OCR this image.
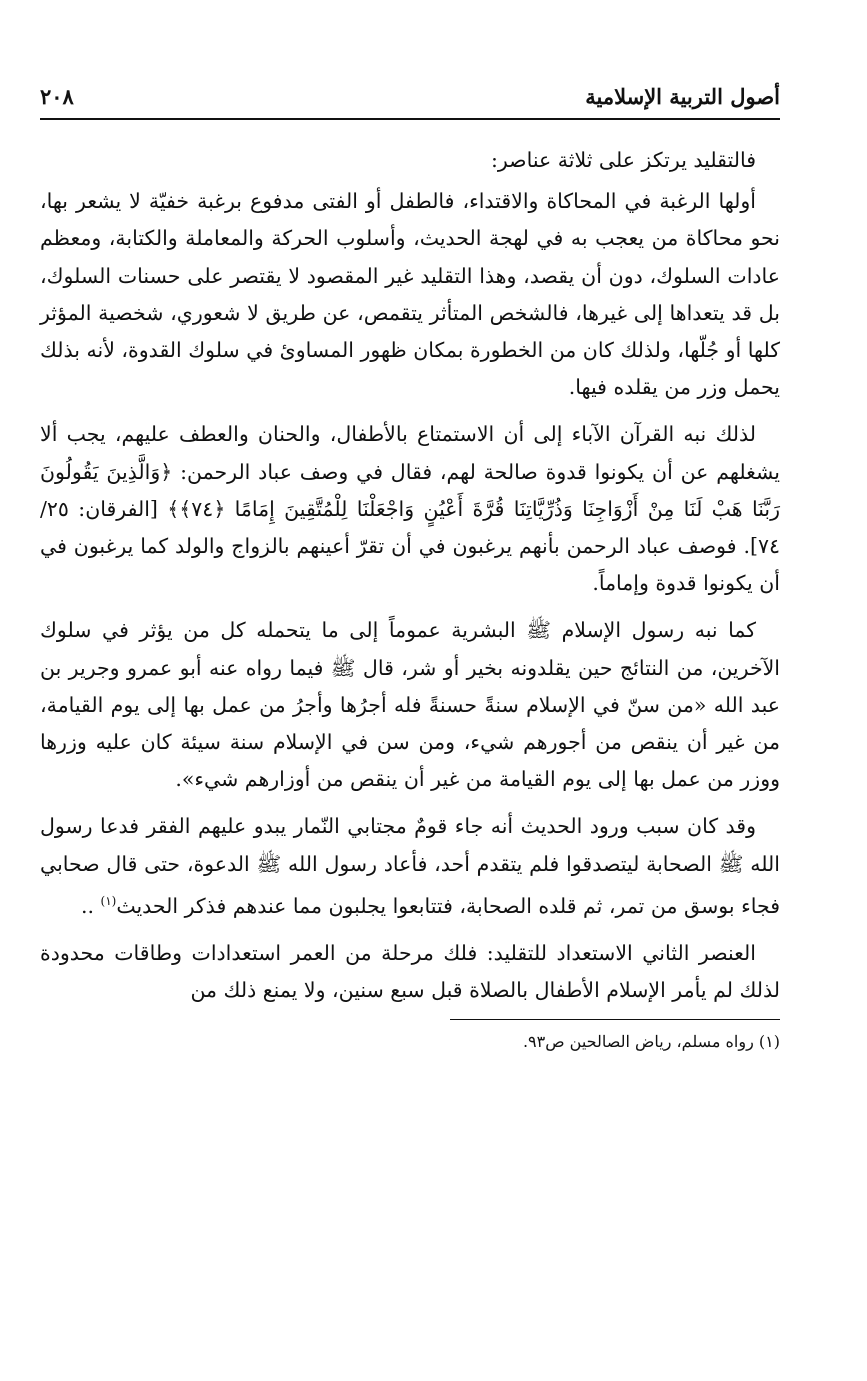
أصول التربية الإسلامية
٢٠٨

فالتقليد يرتكز على ثلاثة عناصر:

أولها الرغبة في المحاكاة والاقتداء، فالطفل أو الفتى مدفوع برغبة خفيّة لا يشعر بها، نحو محاكاة من يعجب به في لهجة الحديث، وأسلوب الحركة والمعاملة والكتابة، ومعظم عادات السلوك، دون أن يقصد، وهذا التقليد غير المقصود لا يقتصر على حسنات السلوك، بل قد يتعداها إلى غيرها، فالشخص المتأثر يتقمص، عن طريق لا شعوري، شخصية المؤثر كلها أو جُلّها، ولذلك كان من الخطورة بمكان ظهور المساوئ في سلوك القدوة، لأنه بذلك يحمل وزر من يقلده فيها.

لذلك نبه القرآن الآباء إلى أن الاستمتاع بالأطفال، والحنان والعطف عليهم، يجب ألا يشغلهم عن أن يكونوا قدوة صالحة لهم، فقال في وصف عباد الرحمن: ﴿وَالَّذِينَ يَقُولُونَ رَبَّنَا هَبْ لَنَا مِنْ أَزْوَاجِنَا وَذُرِّيَّاتِنَا قُرَّةَ أَعْيُنٍ وَاجْعَلْنَا لِلْمُتَّقِينَ إِمَامًا ﴿٧٤﴾﴾ [الفرقان: ٢٥/ ٧٤]. فوصف عباد الرحمن بأنهم يرغبون في أن تقرّ أعينهم بالزواج والولد كما يرغبون في أن يكونوا قدوة وإماماً.

كما نبه رسول الإسلام ﷺ البشرية عموماً إلى ما يتحمله كل من يؤثر في سلوك الآخرين، من النتائج حين يقلدونه بخير أو شر، قال ﷺ فيما رواه عنه أبو عمرو وجرير بن عبد الله «من سنّ في الإسلام سنةً حسنةً فله أجرُها وأجرُ من عمل بها إلى يوم القيامة، من غير أن ينقص من أجورهم شيء، ومن سن في الإسلام سنة سيئة كان عليه وزرها ووزر من عمل بها إلى يوم القيامة من غير أن ينقص من أوزارهم شيء».

وقد كان سبب ورود الحديث أنه جاء قومٌ مجتابي النّمار يبدو عليهم الفقر فدعا رسول الله ﷺ الصحابة ليتصدقوا فلم يتقدم أحد، فأعاد رسول الله ﷺ الدعوة، حتى قال صحابي فجاء بوسق من تمر، ثم قلده الصحابة، فتتابعوا يجلبون مما عندهم فذكر الحديث$^{(١)}$ ..

العنصر الثاني الاستعداد للتقليد: فلك مرحلة من العمر استعدادات وطاقات محدودة لذلك لم يأمر الإسلام الأطفال بالصلاة قبل سبع سنين، ولا يمنع ذلك من

(١) رواه مسلم، رياض الصالحين ص٩٣.
